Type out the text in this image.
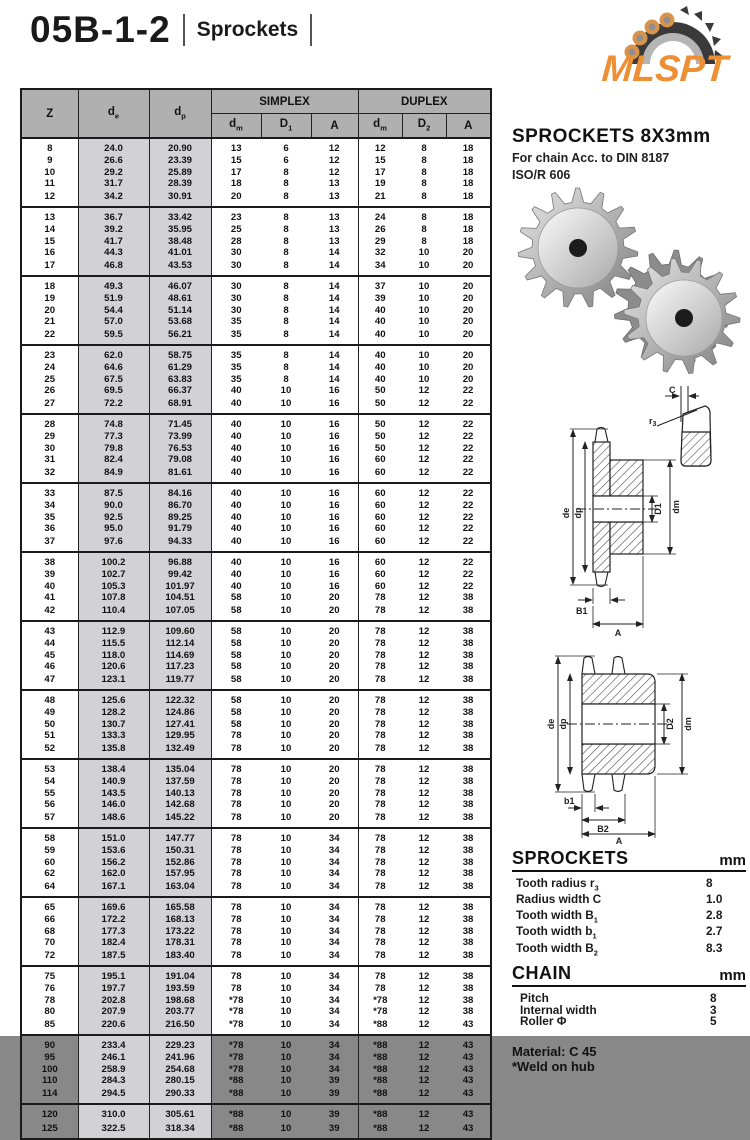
05B-1-2 Sprockets
MLSPT
Z	$d_e$	$d_p$	SIMPLEX			DUPLEX		
			$d_m$	$D_1$	A	$d_m$	$D_2$	A
8	24.0	20.90	13	6	12	12	8	18
9	26.6	23.39	15	6	12	15	8	18
10	29.2	25.89	17	8	12	17	8	18
11	31.7	28.39	18	8	13	19	8	18
12	34.2	30.91	20	8	13	21	8	18
13	36.7	33.42	23	8	13	24	8	18
14	39.2	35.95	25	8	13	26	8	18
15	41.7	38.48	28	8	13	29	8	18
16	44.3	41.01	30	8	14	32	10	20
17	46.8	43.53	30	8	14	34	10	20
18	49.3	46.07	30	8	14	37	10	20
19	51.9	48.61	30	8	14	39	10	20
20	54.4	51.14	30	8	14	40	10	20
21	57.0	53.68	35	8	14	40	10	20
22	59.5	56.21	35	8	14	40	10	20
23	62.0	58.75	35	8	14	40	10	20
24	64.6	61.29	35	8	14	40	10	20
25	67.5	63.83	35	8	14	40	10	20
26	69.5	66.37	40	10	16	50	12	22
27	72.2	68.91	40	10	16	50	12	22
28	74.8	71.45	40	10	16	50	12	22
29	77.3	73.99	40	10	16	50	12	22
30	79.8	76.53	40	10	16	50	12	22
31	82.4	79.08	40	10	16	60	12	22
32	84.9	81.61	40	10	16	60	12	22
33	87.5	84.16	40	10	16	60	12	22
34	90.0	86.70	40	10	16	60	12	22
35	92.5	89.25	40	10	16	60	12	22
36	95.0	91.79	40	10	16	60	12	22
37	97.6	94.33	40	10	16	60	12	22
38	100.2	96.88	40	10	16	60	12	22
39	102.7	99.42	40	10	16	60	12	22
40	105.3	101.97	40	10	16	60	12	22
41	107.8	104.51	58	10	20	78	12	38
42	110.4	107.05	58	10	20	78	12	38
43	112.9	109.60	58	10	20	78	12	38
44	115.5	112.14	58	10	20	78	12	38
45	118.0	114.69	58	10	20	78	12	38
46	120.6	117.23	58	10	20	78	12	38
47	123.1	119.77	58	10	20	78	12	38
48	125.6	122.32	58	10	20	78	12	38
49	128.2	124.86	58	10	20	78	12	38
50	130.7	127.41	58	10	20	78	12	38
51	133.3	129.95	78	10	20	78	12	38
52	135.8	132.49	78	10	20	78	12	38
53	138.4	135.04	78	10	20	78	12	38
54	140.9	137.59	78	10	20	78	12	38
55	143.5	140.13	78	10	20	78	12	38
56	146.0	142.68	78	10	20	78	12	38
57	148.6	145.22	78	10	20	78	12	38
58	151.0	147.77	78	10	34	78	12	38
59	153.6	150.31	78	10	34	78	12	38
60	156.2	152.86	78	10	34	78	12	38
62	162.0	157.95	78	10	34	78	12	38
64	167.1	163.04	78	10	34	78	12	38
65	169.6	165.58	78	10	34	78	12	38
66	172.2	168.13	78	10	34	78	12	38
68	177.3	173.22	78	10	34	78	12	38
70	182.4	178.31	78	10	34	78	12	38
72	187.5	183.40	78	10	34	78	12	38
75	195.1	191.04	78	10	34	78	12	38
76	197.7	193.59	78	10	34	78	12	38
78	202.8	198.68	*78	10	34	*78	12	38
80	207.9	203.77	*78	10	34	*78	12	38
85	220.6	216.50	*78	10	34	*88	12	43
90	233.4	229.23	*78	10	34	*88	12	43
95	246.1	241.96	*78	10	34	*88	12	43
100	258.9	254.68	*78	10	34	*88	12	43
110	284.3	280.15	*88	10	39	*88	12	43
114	294.5	290.33	*88	10	39	*88	12	43
120	310.0	305.61	*88	10	39	*88	12	43
125	322.5	318.34	*88	10	39	*88	12	43
SPROCKETS 8X3mm
For chain Acc. to DIN 8187
ISO/R 606
C
$r_3$
de dp	D1 dm
B1
A
de dp	D2 dm
b1
B2
A
SPROCKETS	mm
Tooth radius $r_3$	8
Radius width C	1.0
Tooth width $B_1$	2.8
Tooth width $b_1$	2.7
Tooth width $B_2$	8.3
CHAIN	mm
Pitch	8
Internal width	3
Roller Φ	5
Material: C 45
*Weld on hub
